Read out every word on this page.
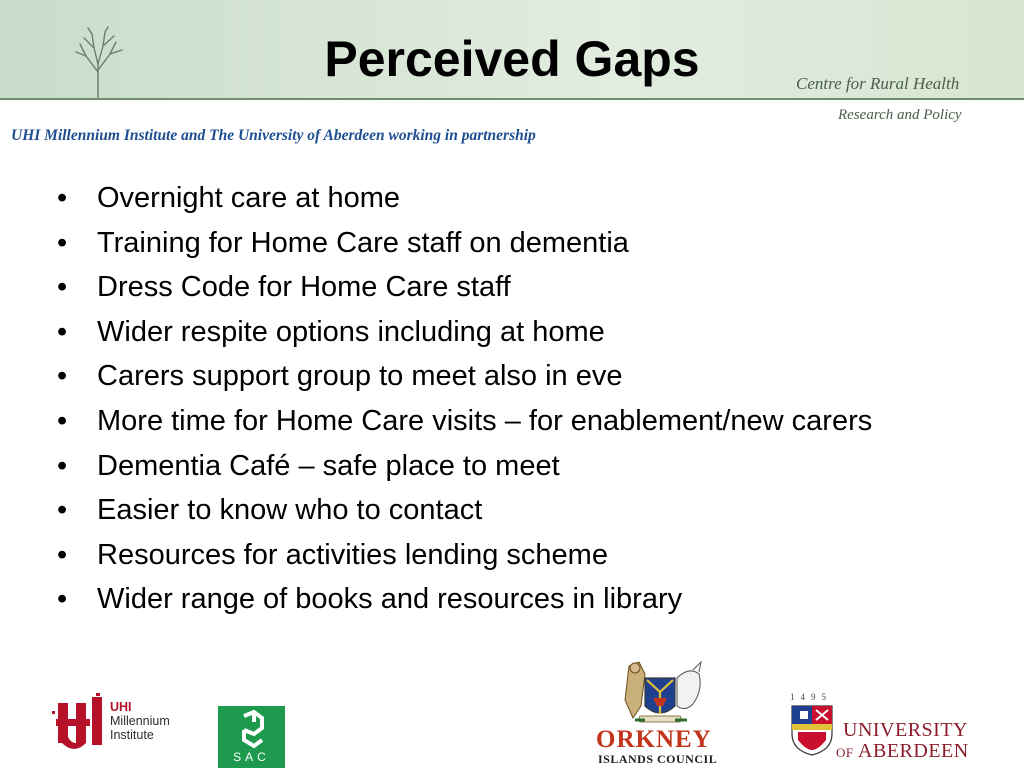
Perceived Gaps	Centre for Rural Health
Research and Policy
UHI Millennium Institute and The University of Aberdeen working in partnership
• Overnight care at home
• Training for Home Care staff on dementia
• Dress Code for Home Care staff
• Wider respite options including at home
• Carers support group to meet also in eve
• More time for Home Care visits – for enablement/new carers
• Dementia Café – safe place to meet
• Easier to know who to contact
• Resources for activities lending scheme
• Wider range of books and resources in library
UHI
Millennium
Institute
SAC
ORKNEY
ISLANDS COUNCIL
1495
UNIVERSITY
OF ABERDEEN
